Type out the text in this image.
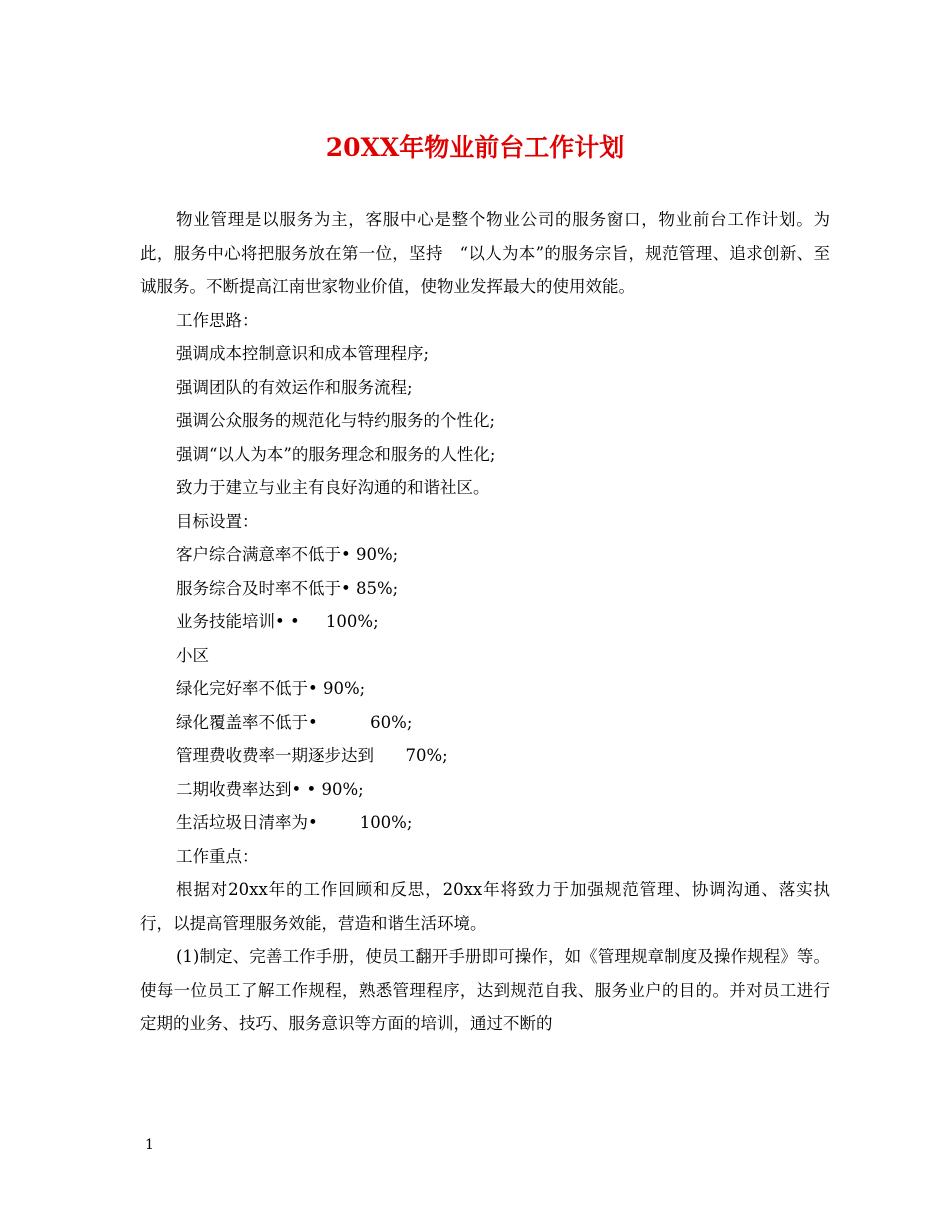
20XX年物业前台工作计划

物业管理是以服务为主，客服中心是整个物业公司的服务窗口，物业前台工作计划。为此，服务中心将把服务放在第一位，坚持　“以人为本”的服务宗旨，规范管理、追求创新、至诚服务。不断提高江南世家物业价值，使物业发挥最大的使用效能。

工作思路：

强调成本控制意识和成本管理程序;

强调团队的有效运作和服务流程;

强调公众服务的规范化与特约服务的个性化;

强调“以人为本”的服务理念和服务的人性化;

致力于建立与业主有良好沟通的和谐社区。

目标设置：

客户综合满意率不低于• 90%;

服务综合及时率不低于• 85%;

业务技能培训• •     100%;

小区

绿化完好率不低于• 90%;

绿化覆盖率不低于•          60%;

管理费收费率一期逐步达到      70%;

二期收费率达到• • 90%;

生活垃圾日清率为•        100%;

工作重点：

根据对20xx年的工作回顾和反思，20xx年将致力于加强规范管理、协调沟通、落实执行，以提高管理服务效能，营造和谐生活环境。

(1)制定、完善工作手册，使员工翻开手册即可操作，如《管理规章制度及操作规程》等。使每一位员工了解工作规程，熟悉管理程序，达到规范自我、服务业户的目的。并对员工进行定期的业务、技巧、服务意识等方面的培训，通过不断的

1
